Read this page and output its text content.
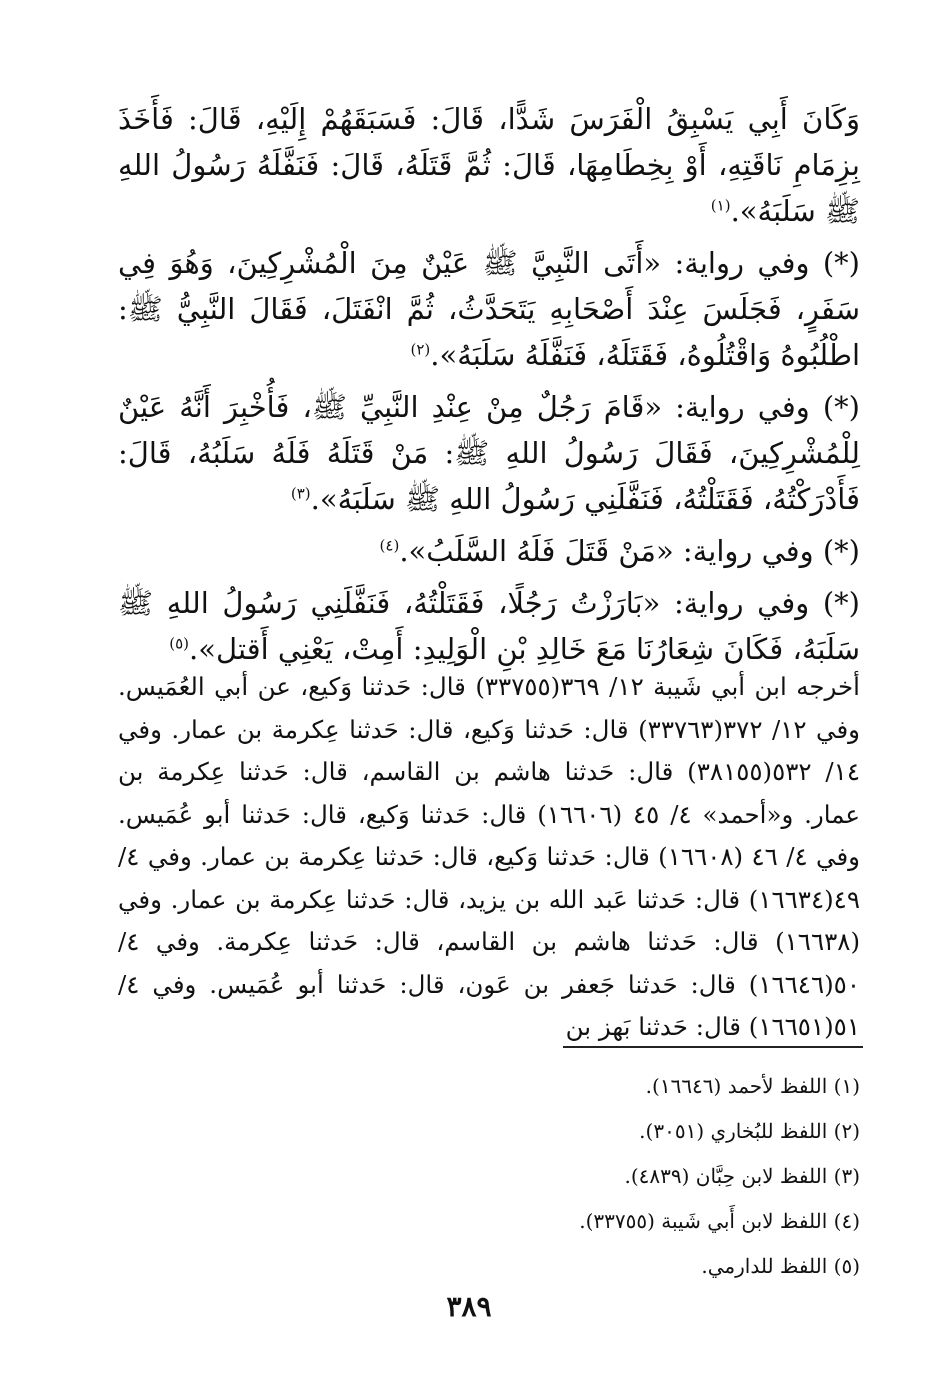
وَكَانَ أَبِي يَسْبِقُ الْفَرَسَ شَدًّا، قَالَ: فَسَبَقَهُمْ إِلَيْهِ، قَالَ: فَأَخَذَ بِزِمَامِ نَاقَتِهِ، أَوْ بِخِطَامِهَا، قَالَ: ثُمَّ قَتَلَهُ، قَالَ: فَنَفَّلَهُ رَسُولُ اللهِ ﷺ سَلَبَهُ».$^{(١)}$

(*) وفي رواية: «أَتَى النَّبِيَّ ﷺ عَيْنٌ مِنَ الْمُشْرِكِينَ، وَهُوَ فِي سَفَرٍ، فَجَلَسَ عِنْدَ أَصْحَابِهِ يَتَحَدَّثُ، ثُمَّ انْفَتَلَ، فَقَالَ النَّبِيُّ ﷺ: اطْلُبُوهُ وَاقْتُلُوهُ، فَقَتَلَهُ، فَنَفَّلَهُ سَلَبَهُ».$^{(٢)}$

(*) وفي رواية: «قَامَ رَجُلٌ مِنْ عِنْدِ النَّبِيِّ ﷺ، فَأُخْبِرَ أَنَّهُ عَيْنٌ لِلْمُشْرِكِينَ، فَقَالَ رَسُولُ اللهِ ﷺ: مَنْ قَتَلَهُ فَلَهُ سَلَبُهُ، قَالَ: فَأَدْرَكْتُهُ، فَقَتَلْتُهُ، فَنَفَّلَنِي رَسُولُ اللهِ ﷺ سَلَبَهُ».$^{(٣)}$

(*) وفي رواية: «مَنْ قَتَلَ فَلَهُ السَّلَبُ».$^{(٤)}$

(*) وفي رواية: «بَارَزْتُ رَجُلًا، فَقَتَلْتُهُ، فَنَفَّلَنِي رَسُولُ اللهِ ﷺ سَلَبَهُ، فَكَانَ شِعَارُنَا مَعَ خَالِدِ بْنِ الْوَلِيدِ: أَمِتْ، يَعْنِي أَقتل».$^{(٥)}$

أخرجه ابن أبي شَيبة ١٢/ ٣٦٩(٣٣٧٥٥) قال: حَدثنا وَكيع، عن أبي العُمَيس. وفي ١٢/ ٣٧٢(٣٣٧٦٣) قال: حَدثنا وَكيع، قال: حَدثنا عِكرمة بن عمار. وفي ١٤/ ٥٣٢(٣٨١٥٥) قال: حَدثنا هاشم بن القاسم، قال: حَدثنا عِكرمة بن عمار. و«أحمد» ٤/ ٤٥ (١٦٦٠٦) قال: حَدثنا وَكيع، قال: حَدثنا أبو عُمَيس. وفي ٤/ ٤٦ (١٦٦٠٨) قال: حَدثنا وَكيع، قال: حَدثنا عِكرمة بن عمار. وفي ٤/ ٤٩(١٦٦٣٤) قال: حَدثنا عَبد الله بن يزيد، قال: حَدثنا عِكرمة بن عمار. وفي (١٦٦٣٨) قال: حَدثنا هاشم بن القاسم، قال: حَدثنا عِكرمة. وفي ٤/ ٥٠(١٦٦٤٦) قال: حَدثنا جَعفر بن عَون، قال: حَدثنا أبو عُمَيس. وفي ٤/ ٥١(١٦٦٥١) قال: حَدثنا بَهز بن

(١) اللفظ لأحمد (١٦٦٤٦).
(٢) اللفظ للبُخاري (٣٠٥١).
(٣) اللفظ لابن حِبَّان (٤٨٣٩).
(٤) اللفظ لابن أَبي شَيبة (٣٣٧٥٥).
(٥) اللفظ للدارمي.
٣٨٩
